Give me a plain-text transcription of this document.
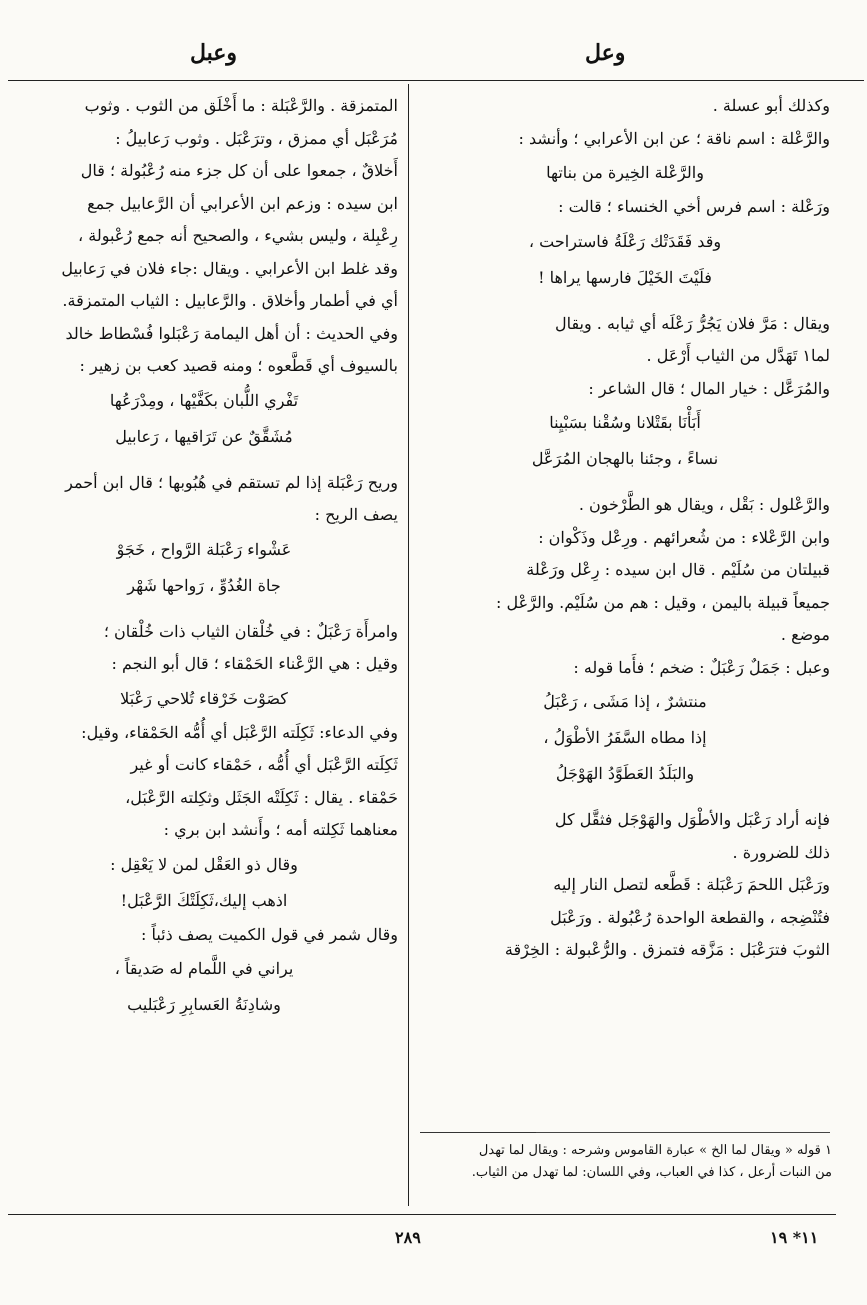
وعل
وعبل
وكذلك أبو عسلة .
والرَّعْلة : اسم ناقة ؛ عن ابن الأعرابي ؛ وأنشد :
والرَّعْلة الخِيرة من بناتها
ورَعْلة : اسم فرس أخي الخنساء ؛ قالت :
وقد فَقَدَتْك رَعْلَةُ فاستراحت ،
فلَيْتَ الخَيْلَ فارسها يراها !
ويقال : مَرَّ فلان يَجُرُّ رَعْلَه أي ثيابه . ويقال
لما١ تَهَدَّل من الثياب أَرْعَل .
والمُرَعَّل : خيار المال ؛ قال الشاعر :
أَبَأْنَا بقَتْلانا وسُقْنا بسَبْيِنا
نساءً ، وجئنا بالهجان المُرَعَّل
والرَّعْلول : بَقْل ، ويقال هو الطَّرْخون .
وابن الرَّعْلاء : من شُعرائهم . ورِعْل وذَكْوان :
قبيلتان من سُلَيْم . قال ابن سيده : رِعْل ورَعْلة
جميعاً قبيلة باليمن ، وقيل : هم من سُلَيْم. والرَّعْل :
موضع .
وعبل : جَمَلٌ رَعْبَلٌ : ضخم ؛ فأَما قوله :
منتشرٌ ، إذا مَشَى ، رَعْبَلُ
إذا مطاه السَّفَرُ الأطْوَلُ ،
والبَلَدُ العَطَوَّدُ الهَوْجَلُ
فإنه أراد رَعْبَل والأطْوَل والهَوْجَل فثقَّل كل
ذلك للضرورة .
ورَعْبَل اللحمَ رَعْبَلة : قَطَّعه لتصل النار إليه
فتُنْضِجه ، والقطعة الواحدة رُعْبُولة . ورَعْبَل
الثوبَ فترَعْبَل : مَزَّقه فتمزق . والرُّعْبولة : الخِرْقة
المتمزقة . والرَّعْبَلة : ما أَخْلَق من الثوب . وثوب
مُرَعْبَل أي ممزق ، وترَعْبَل . وثوب رَعابيلُ :
أَخلاقٌ ، جمعوا على أن كل جزء منه رُعْبُولة ؛ قال
ابن سيده : وزعم ابن الأعرابي أن الرَّعابيل جمع
رِعْبِلة ، وليس بشيء ، والصحيح أنه جمع رُعْبولة ،
وقد غلط ابن الأعرابي . ويقال :جاء فلان في رَعابيل
أي في أطمار وأخلاق . والرَّعابيل : الثياب المتمزقة.
وفي الحديث : أن أهل اليمامة رَعْبَلوا فُسْطاط خالد
بالسيوف أي قَطَّعوه ؛ ومنه قصيد كعب بن زهير :
تَفْري اللُّبان بكَفَّيْها ، ومِدْرَعُها
مُشَقَّقٌ عن تَرَاقيها ، رَعابيل
وريح رَعْبَلة إذا لم تستقم في هُبُوبها ؛ قال ابن أحمر
يصف الريح :
عَشْواء رَعْبَلة الرَّواح ، خَجَوْ
جاة الغُدُوِّ ، رَواحها شَهْر
وامرأَة رَعْبَلٌ : في خُلْقان الثياب ذات خُلْقان ؛
وقيل : هي الرَّعْناء الحَمْقاء ؛ قال أبو النجم :
كصَوْت خَرْقاء تُلاحي رَعْبَلا
وفي الدعاء: ثَكِلَته الرَّعْبَل أي أُمُّه الحَمْقاء، وقيل:
ثَكِلَته الرَّعْبَل أي أُمُّه ، حَمْقاء كانت أو غير
حَمْقاء . يقال : ثَكِلَتْه الجَثَل وثكِلته الرَّعْبَل،
معناهما ثَكِلته أمه ؛ وأَنشد ابن بري :
وقال ذو العَقْل لمن لا يَعْقِل :
اذهب إليك،ثَكِلَتْكَ الرَّعْبَل!
وقال شمر في قول الكميت يصف ذئباً :
يراني في اللَّمام له صَديقاً ،
وشادِنَةُ العَسابِرِ رَعْبَليب
١ قوله « ويقال لما الخ » عبارة القاموس وشرحه : ويقال لما تهدل
من النبات أرعل ، كذا في العباب، وفي اللسان: لما تهدل من الثياب.
٢٨٩	١١* ١٩
